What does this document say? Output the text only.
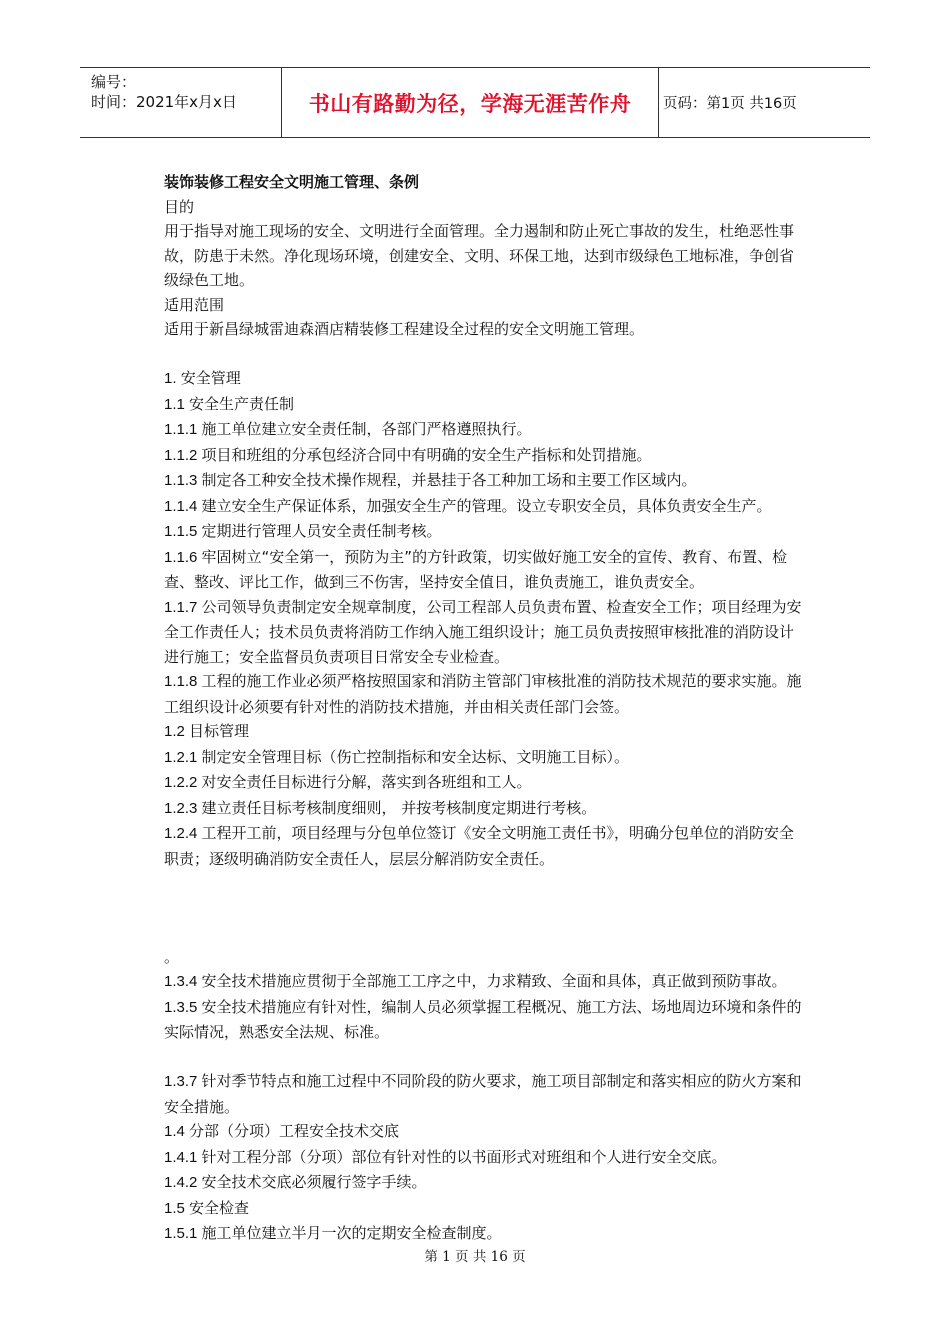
编号：
时间：2021年x月x日	书山有路勤为径，学海无涯苦作舟 页码：第1页 共16页
装饰装修工程安全文明施工管理、条例
目的
用于指导对施工现场的安全、文明进行全面管理。全力遏制和防止死亡事故的发生，杜绝恶性事
故，防患于未然。净化现场环境，创建安全、文明、环保工地，达到市级绿色工地标准，争创省
级绿色工地。
适用范围
适用于新昌绿城雷迪森酒店精装修工程建设全过程的安全文明施工管理。
1. 安全管理
1.1 安全生产责任制
1.1.1 施工单位建立安全责任制，各部门严格遵照执行。
1.1.2 项目和班组的分承包经济合同中有明确的安全生产指标和处罚措施。
1.1.3 制定各工种安全技术操作规程，并悬挂于各工种加工场和主要工作区域内。
1.1.4 建立安全生产保证体系，加强安全生产的管理。设立专职安全员，具体负责安全生产。
1.1.5 定期进行管理人员安全责任制考核。
1.1.6 牢固树立“安全第一，预防为主”的方针政策，切实做好施工安全的宣传、教育、布置、检
查、整改、评比工作，做到三不伤害，坚持安全值日，谁负责施工，谁负责安全。
1.1.7 公司领导负责制定安全规章制度，公司工程部人员负责布置、检查安全工作；项目经理为安
全工作责任人；技术员负责将消防工作纳入施工组织设计；施工员负责按照审核批准的消防设计
进行施工；安全监督员负责项目日常安全专业检查。
1.1.8 工程的施工作业必须严格按照国家和消防主管部门审核批准的消防技术规范的要求实施。施
工组织设计必须要有针对性的消防技术措施，并由相关责任部门会签。
1.2 目标管理
1.2.1 制定安全管理目标（伤亡控制指标和安全达标、文明施工目标）。
1.2.2 对安全责任目标进行分解，落实到各班组和工人。
1.2.3 建立责任目标考核制度细则， 并按考核制度定期进行考核。
1.2.4 工程开工前，项目经理与分包单位签订《安全文明施工责任书》，明确分包单位的消防安全
职责；逐级明确消防安全责任人，层层分解消防安全责任。
。
1.3.4 安全技术措施应贯彻于全部施工工序之中，力求精致、全面和具体，真正做到预防事故。
1.3.5 安全技术措施应有针对性，编制人员必须掌握工程概况、施工方法、场地周边环境和条件的
实际情况，熟悉安全法规、标准。
1.3.7 针对季节特点和施工过程中不同阶段的防火要求，施工项目部制定和落实相应的防火方案和
安全措施。
1.4 分部（分项）工程安全技术交底
1.4.1 针对工程分部（分项）部位有针对性的以书面形式对班组和个人进行安全交底。
1.4.2 安全技术交底必须履行签字手续。
1.5 安全检查
1.5.1 施工单位建立半月一次的定期安全检查制度。
第 1 页 共 16 页
